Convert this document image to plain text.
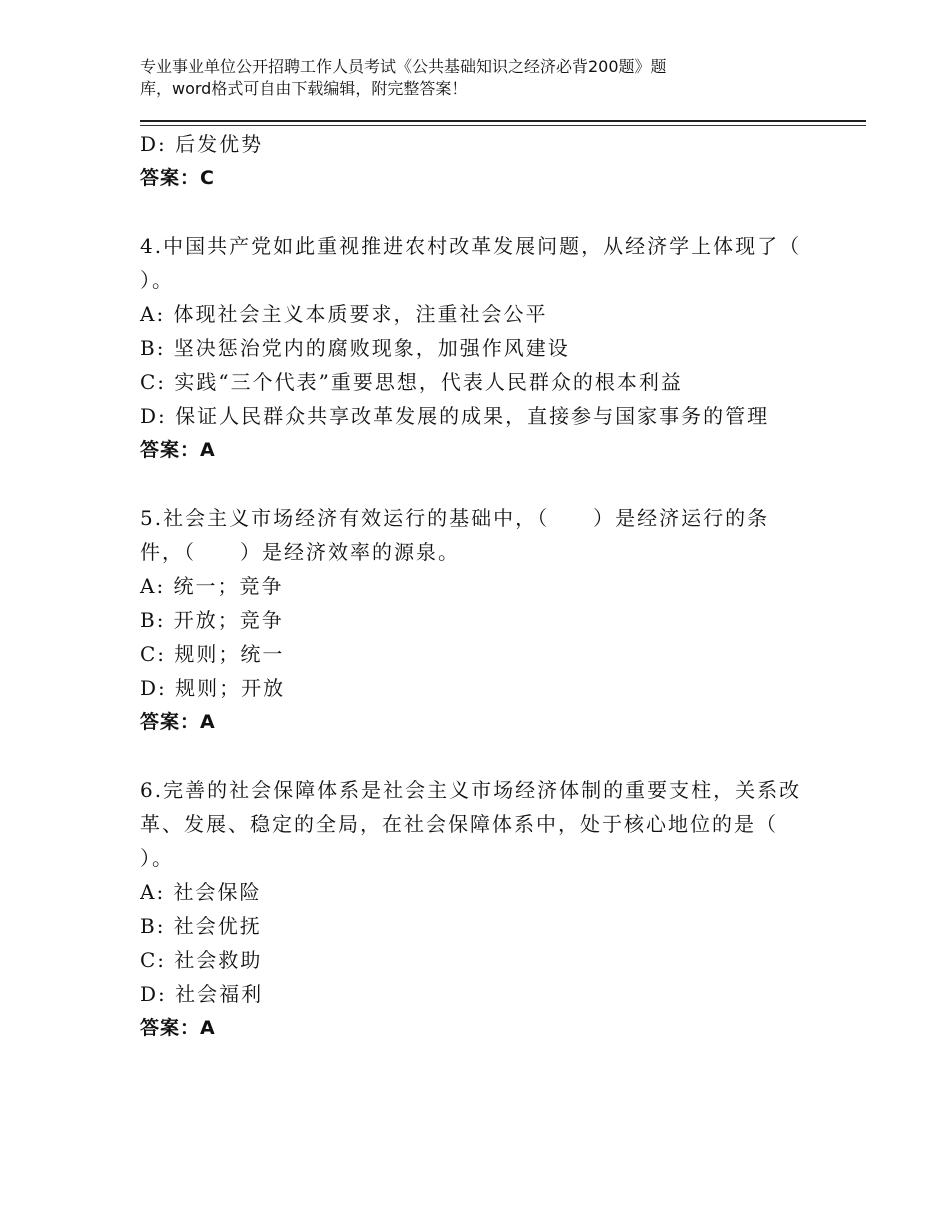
专业事业单位公开招聘工作人员考试《公共基础知识之经济必背200题》题
库，word格式可自由下载编辑，附完整答案！
D: 后发优势
答案：C
4.中国共产党如此重视推进农村改革发展问题，从经济学上体现了（
）。
A: 体现社会主义本质要求，注重社会公平
B: 坚决惩治党内的腐败现象，加强作风建设
C: 实践“三个代表”重要思想，代表人民群众的根本利益
D: 保证人民群众共享改革发展的成果，直接参与国家事务的管理
答案：A
5.社会主义市场经济有效运行的基础中，（　　）是经济运行的条
件，（　　）是经济效率的源泉。
A: 统一；竞争
B: 开放；竞争
C: 规则；统一
D: 规则；开放
答案：A
6.完善的社会保障体系是社会主义市场经济体制的重要支柱，关系改
革、发展、稳定的全局，在社会保障体系中，处于核心地位的是（
）。
A: 社会保险
B: 社会优抚
C: 社会救助
D: 社会福利
答案：A
